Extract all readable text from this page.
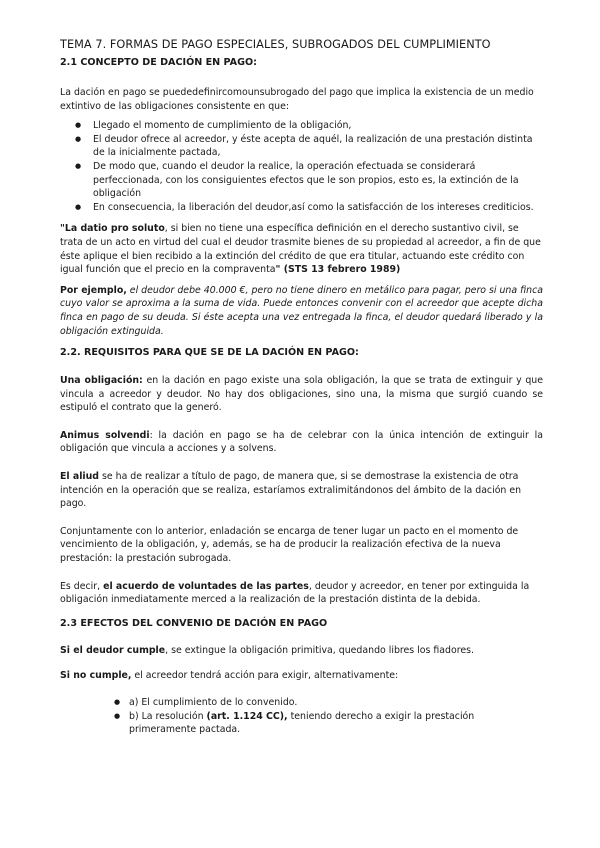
TEMA 7. FORMAS DE PAGO ESPECIALES, SUBROGADOS DEL CUMPLIMIENTO
2.1 CONCEPTO DE DACIÓN EN PAGO:

La dación en pago se puededefinircomounsubrogado del pago que implica la existencia de un medio extintivo de las obligaciones consistente en que:

● Llegado el momento de cumplimiento de la obligación,
● El deudor ofrece al acreedor, y éste acepta de aquél, la realización de una prestación distinta de la inicialmente pactada,
● De modo que, cuando el deudor la realice, la operación efectuada se considerará perfeccionada, con los consiguientes efectos que le son propios, esto es, la extinción de la obligación
● En consecuencia, la liberación del deudor,así como la satisfacción de los intereses crediticios.

"La datio pro soluto, si bien no tiene una específica definición en el derecho sustantivo civil, se trata de un acto en virtud del cual el deudor trasmite bienes de su propiedad al acreedor, a fin de que éste aplique el bien recibido a la extinción del crédito de que era titular, actuando este crédito con igual función que el precio en la compraventa" (STS 13 febrero 1989)

Por ejemplo, el deudor debe 40.000 €, pero no tiene dinero en metálico para pagar, pero si una finca cuyo valor se aproxima a la suma de vida. Puede entonces convenir con el acreedor que acepte dicha finca en pago de su deuda. Si éste acepta una vez entregada la finca, el deudor quedará liberado y la obligación extinguida.

2.2. REQUISITOS PARA QUE SE DE LA DACIÓN EN PAGO:

Una obligación: en la dación en pago existe una sola obligación, la que se trata de extinguir y que vincula a acreedor y deudor. No hay dos obligaciones, sino una, la misma que surgió cuando se estipuló el contrato que la generó.

Animus solvendi: la dación en pago se ha de celebrar con la única intención de extinguir la obligación que vincula a acciones y a solvens.

El aliud se ha de realizar a título de pago, de manera que, si se demostrase la existencia de otra intención en la operación que se realiza, estaríamos extralimitándonos del ámbito de la dación en pago.

Conjuntamente con lo anterior, enladación se encarga de tener lugar un pacto en el momento de vencimiento de la obligación, y, además, se ha de producir la realización efectiva de la nueva prestación: la prestación subrogada.

Es decir, el acuerdo de voluntades de las partes, deudor y acreedor, en tener por extinguida la obligación inmediatamente merced a la realización de la prestación distinta de la debida.

2.3 EFECTOS DEL CONVENIO DE DACIÓN EN PAGO

Si el deudor cumple, se extingue la obligación primitiva, quedando libres los fiadores.

Si no cumple, el acreedor tendrá acción para exigir, alternativamente:

● a) El cumplimiento de lo convenido.
● b) La resolución (art. 1.124 CC), teniendo derecho a exigir la prestación primeramente pactada.
